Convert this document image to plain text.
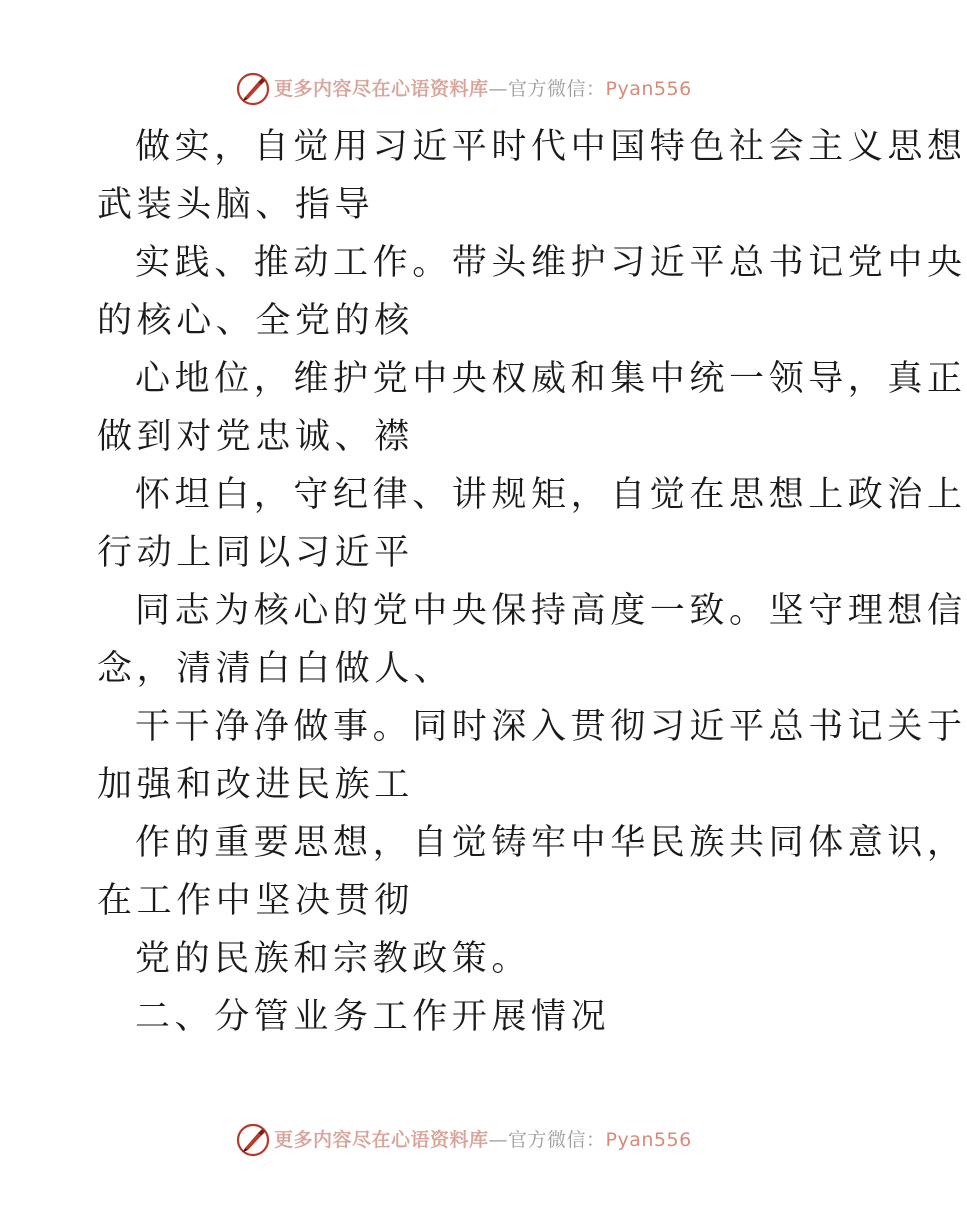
更多内容尽在心语资料库—官方微信：Pyan556

做实，自觉用习近平时代中国特色社会主义思想

武装头脑、指导

实践、推动工作。带头维护习近平总书记党中央

的核心、全党的核

心地位，维护党中央权威和集中统一领导，真正

做到对党忠诚、襟

怀坦白，守纪律、讲规矩，自觉在思想上政治上

行动上同以习近平

同志为核心的党中央保持高度一致。坚守理想信

念，清清白白做人、

干干净净做事。同时深入贯彻习近平总书记关于

加强和改进民族工

作的重要思想，自觉铸牢中华民族共同体意识，

在工作中坚决贯彻

党的民族和宗教政策。

二、分管业务工作开展情况

更多内容尽在心语资料库—官方微信：Pyan556
